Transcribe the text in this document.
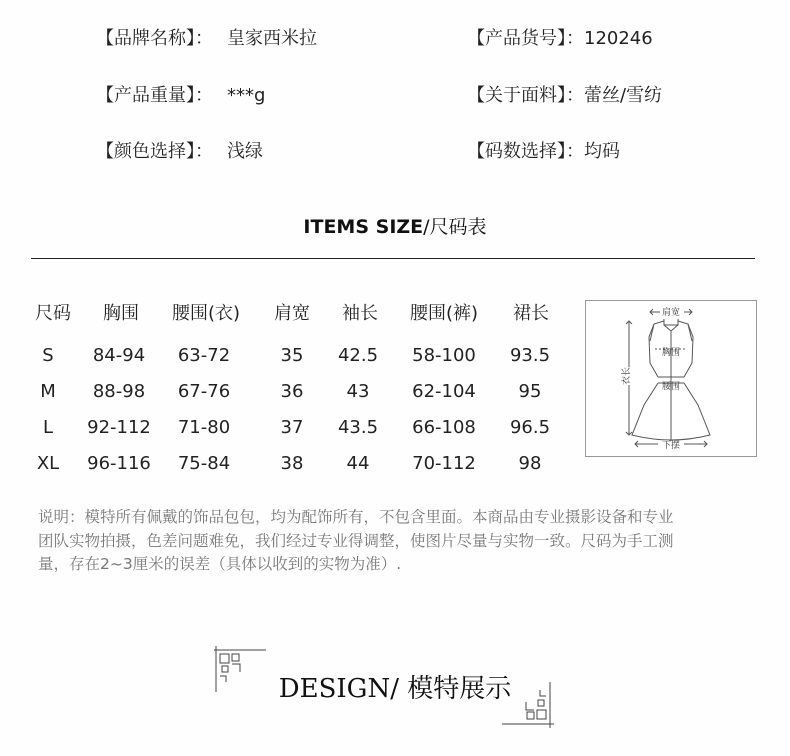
【品牌名称】： 皇家西米拉	【产品货号】：120246
【产品重量】： ***g	【关于面料】：蕾丝/雪纺
【颜色选择】： 浅绿	【码数选择】：均码
ITEMS SIZE/尺码表
尺码 胸围 腰围(衣) 肩宽 袖长 腰围(裤) 裙长
S 84-94 63-72	35 42.5 58-100 93.5
M 88-98 67-76	36 43 62-104 95
L 92-112 71-80	37 43.5 66-108 96.5
XL 96-116 75-84	38 44 70-112 98
肩宽
胸围
腰围
下摆
衣长

说明：模特所有佩戴的饰品包包，均为配饰所有，不包含里面。本商品由专业摄影设备和专业

团队实物拍摄，色差问题难免，我们经过专业得调整，使图片尽量与实物一致。尺码为手工测

量，存在2~3厘米的误差（具体以收到的实物为准）.

DESIGN/ 模特展示
